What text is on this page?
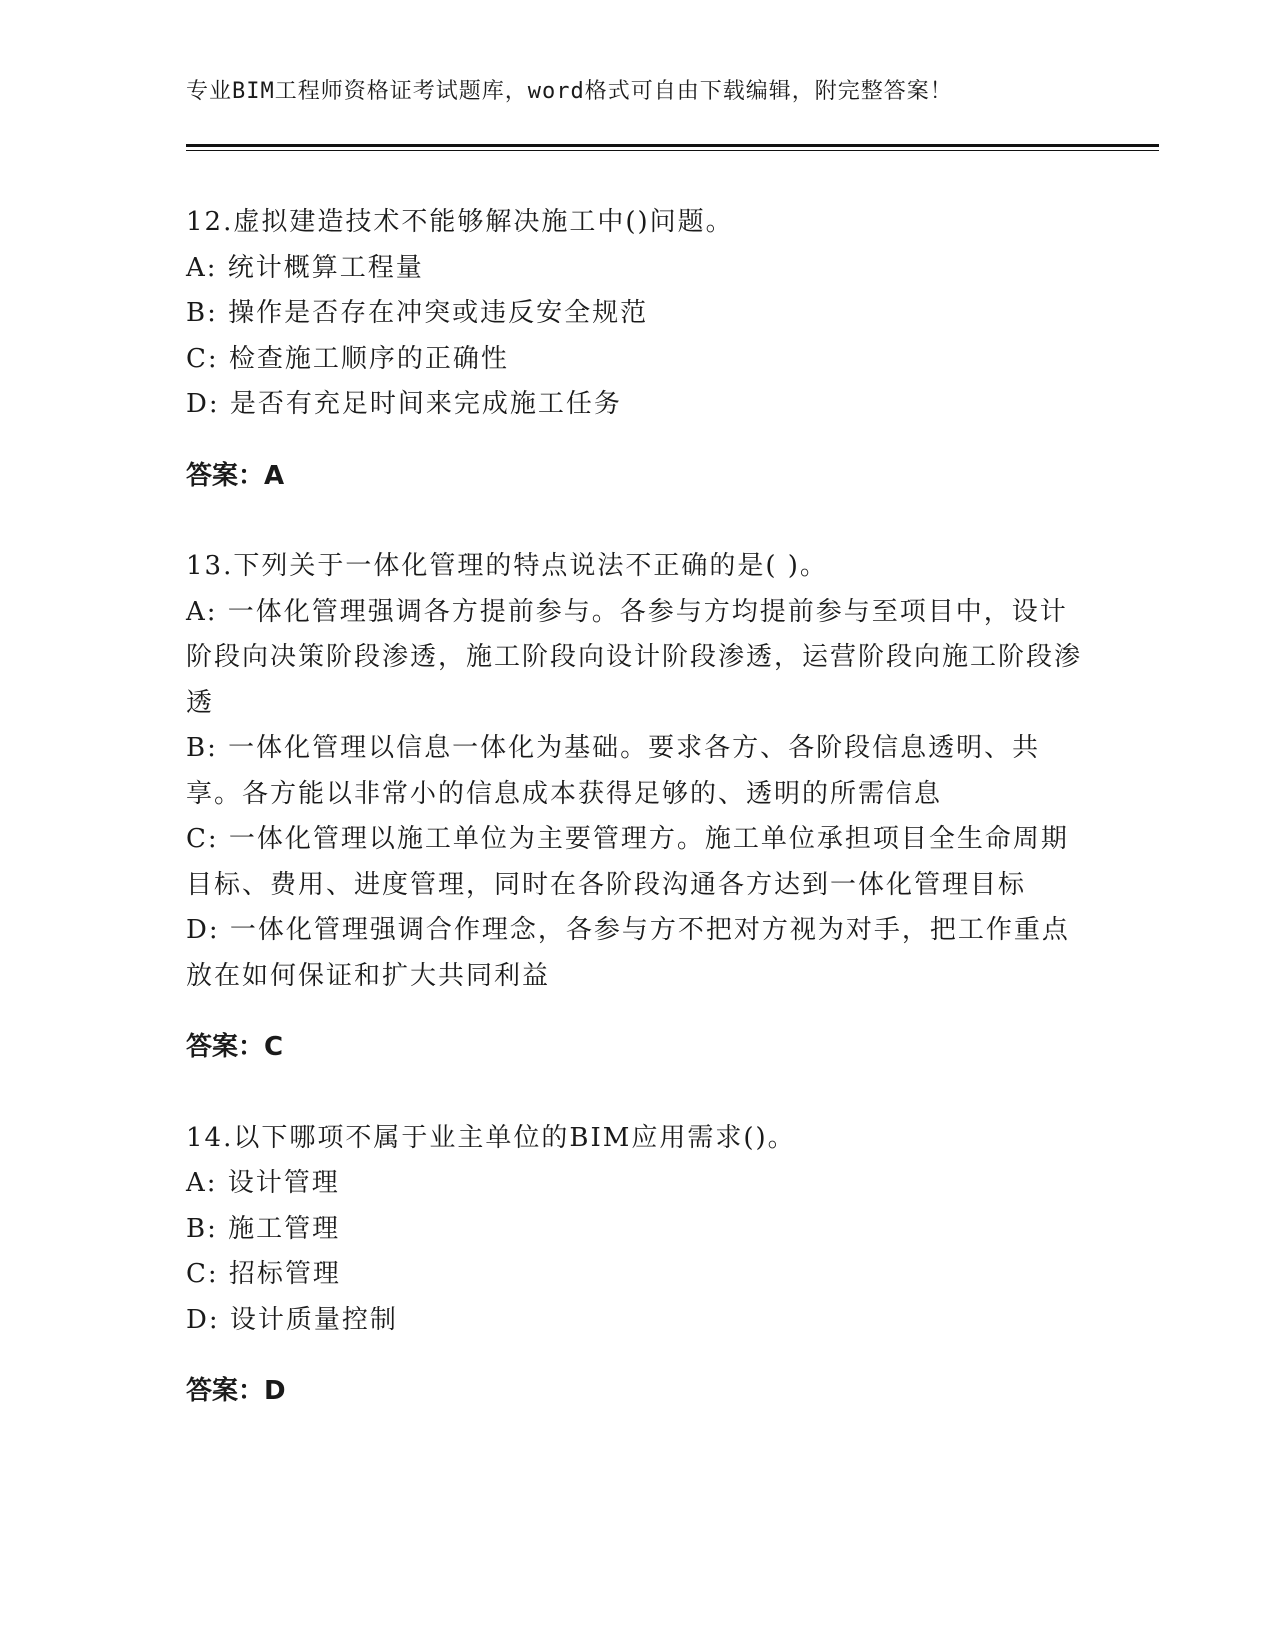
专业BIM工程师资格证考试题库，word格式可自由下载编辑，附完整答案！

12.虚拟建造技术不能够解决施工中()问题。

A: 统计概算工程量

B: 操作是否存在冲突或违反安全规范

C: 检查施工顺序的正确性

D: 是否有充足时间来完成施工任务

答案：A

13.下列关于一体化管理的特点说法不正确的是( )。

A: 一体化管理强调各方提前参与。各参与方均提前参与至项目中，设计阶段向决策阶段渗透，施工阶段向设计阶段渗透，运营阶段向施工阶段渗透

B: 一体化管理以信息一体化为基础。要求各方、各阶段信息透明、共享。各方能以非常小的信息成本获得足够的、透明的所需信息

C: 一体化管理以施工单位为主要管理方。施工单位承担项目全生命周期目标、费用、进度管理，同时在各阶段沟通各方达到一体化管理目标

D: 一体化管理强调合作理念，各参与方不把对方视为对手，把工作重点放在如何保证和扩大共同利益

答案：C

14.以下哪项不属于业主单位的BIM应用需求()。

A: 设计管理

B: 施工管理

C: 招标管理

D: 设计质量控制

答案：D
